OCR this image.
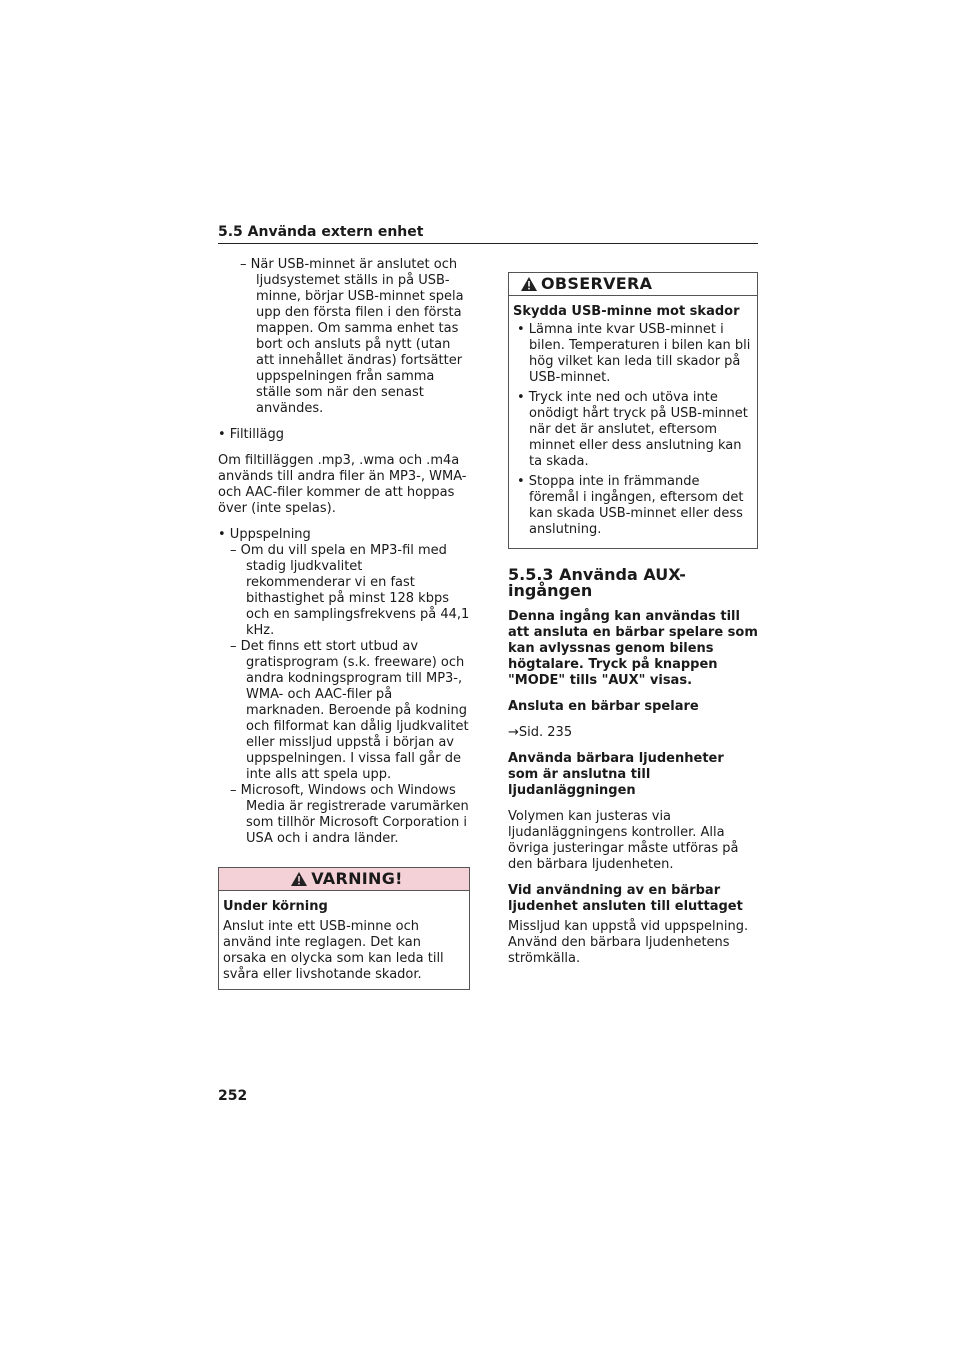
5.5 Använda extern enhet

– När USB-minnet är anslutet och ljudsystemet ställs in på USB-minne, börjar USB-minnet spela upp den första filen i den första mappen. Om samma enhet tas bort och ansluts på nytt (utan att innehållet ändras) fortsätter uppspelningen från samma ställe som när den senast användes.

• Filtillägg

Om filtilläggen .mp3, .wma och .m4a används till andra filer än MP3-, WMA- och AAC-filer kommer de att hoppas över (inte spelas).

• Uppspelning

– Om du vill spela en MP3-fil med stadig ljudkvalitet rekommenderar vi en fast bithastighet på minst 128 kbps och en samplingsfrekvens på 44,1 kHz.

– Det finns ett stort utbud av gratisprogram (s.k. freeware) och andra kodningsprogram till MP3-, WMA- och AAC-filer på marknaden. Beroende på kodning och filformat kan dålig ljudkvalitet eller missljud uppstå i början av uppspelningen. I vissa fall går de inte alls att spela upp.

– Microsoft, Windows och Windows Media är registrerade varumärken som tillhör Microsoft Corporation i USA och i andra länder.

VARNING!

Under körning

Anslut inte ett USB-minne och använd inte reglagen. Det kan orsaka en olycka som kan leda till svåra eller livshotande skador.

OBSERVERA

Skydda USB-minne mot skador

• Lämna inte kvar USB-minnet i bilen. Temperaturen i bilen kan bli hög vilket kan leda till skador på USB-minnet.

• Tryck inte ned och utöva inte onödigt hårt tryck på USB-minnet när det är anslutet, eftersom minnet eller dess anslutning kan ta skada.

• Stoppa inte in främmande föremål i ingången, eftersom det kan skada USB-minnet eller dess anslutning.

5.5.3 Använda AUX-ingången

Denna ingång kan användas till att ansluta en bärbar spelare som kan avlyssnas genom bilens högtalare. Tryck på knappen "MODE" tills "AUX" visas.

Ansluta en bärbar spelare

→Sid. 235

Använda bärbara ljudenheter som är anslutna till ljudanläggningen

Volymen kan justeras via ljudanläggningens kontroller. Alla övriga justeringar måste utföras på den bärbara ljudenheten.

Vid användning av en bärbar ljudenhet ansluten till eluttaget

Missljud kan uppstå vid uppspelning. Använd den bärbara ljudenhetens strömkälla.

252
